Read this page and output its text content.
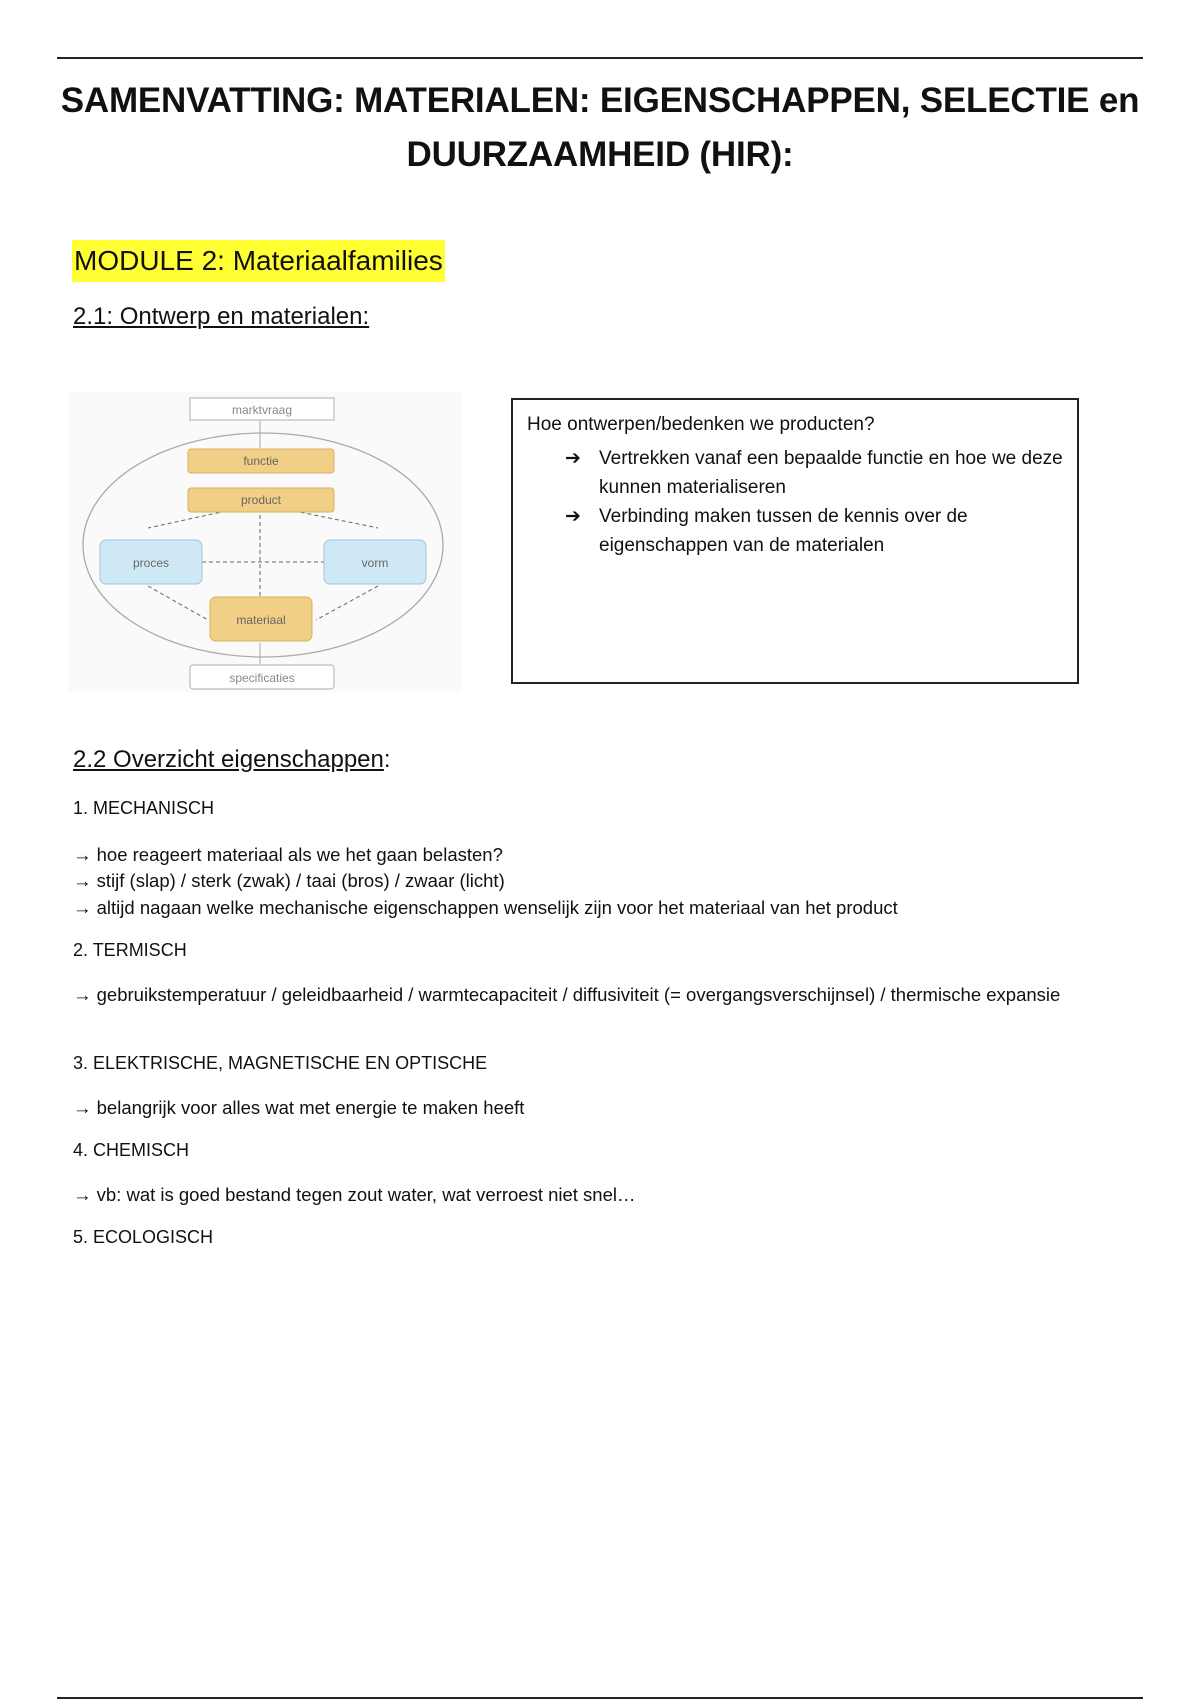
SAMENVATTING: MATERIALEN: EIGENSCHAPPEN, SELECTIE en DUURZAAMHEID (HIR):
MODULE 2: Materiaalfamilies
2.1: Ontwerp en materialen:
marktvraag
functie
product
proces	vorm
materiaal
specificaties
Hoe ontwerpen/bedenken we producten?
➔ Vertrekken vanaf een bepaalde functie en hoe we deze kunnen materialiseren
➔ Verbinding maken tussen de kennis over de eigenschappen van de materialen
2.2 Overzicht eigenschappen:
1. MECHANISCH
→ hoe reageert materiaal als we het gaan belasten?
→ stijf (slap) / sterk (zwak) / taai (bros) / zwaar (licht)
→ altijd nagaan welke mechanische eigenschappen wenselijk zijn voor het materiaal van het product
2. TERMISCH
→ gebruikstemperatuur / geleidbaarheid / warmtecapaciteit / diffusiviteit (= overgangsverschijnsel) / thermische expansie
3. ELEKTRISCHE, MAGNETISCHE EN OPTISCHE
→ belangrijk voor alles wat met energie te maken heeft
4. CHEMISCH
→ vb: wat is goed bestand tegen zout water, wat verroest niet snel…
5. ECOLOGISCH
